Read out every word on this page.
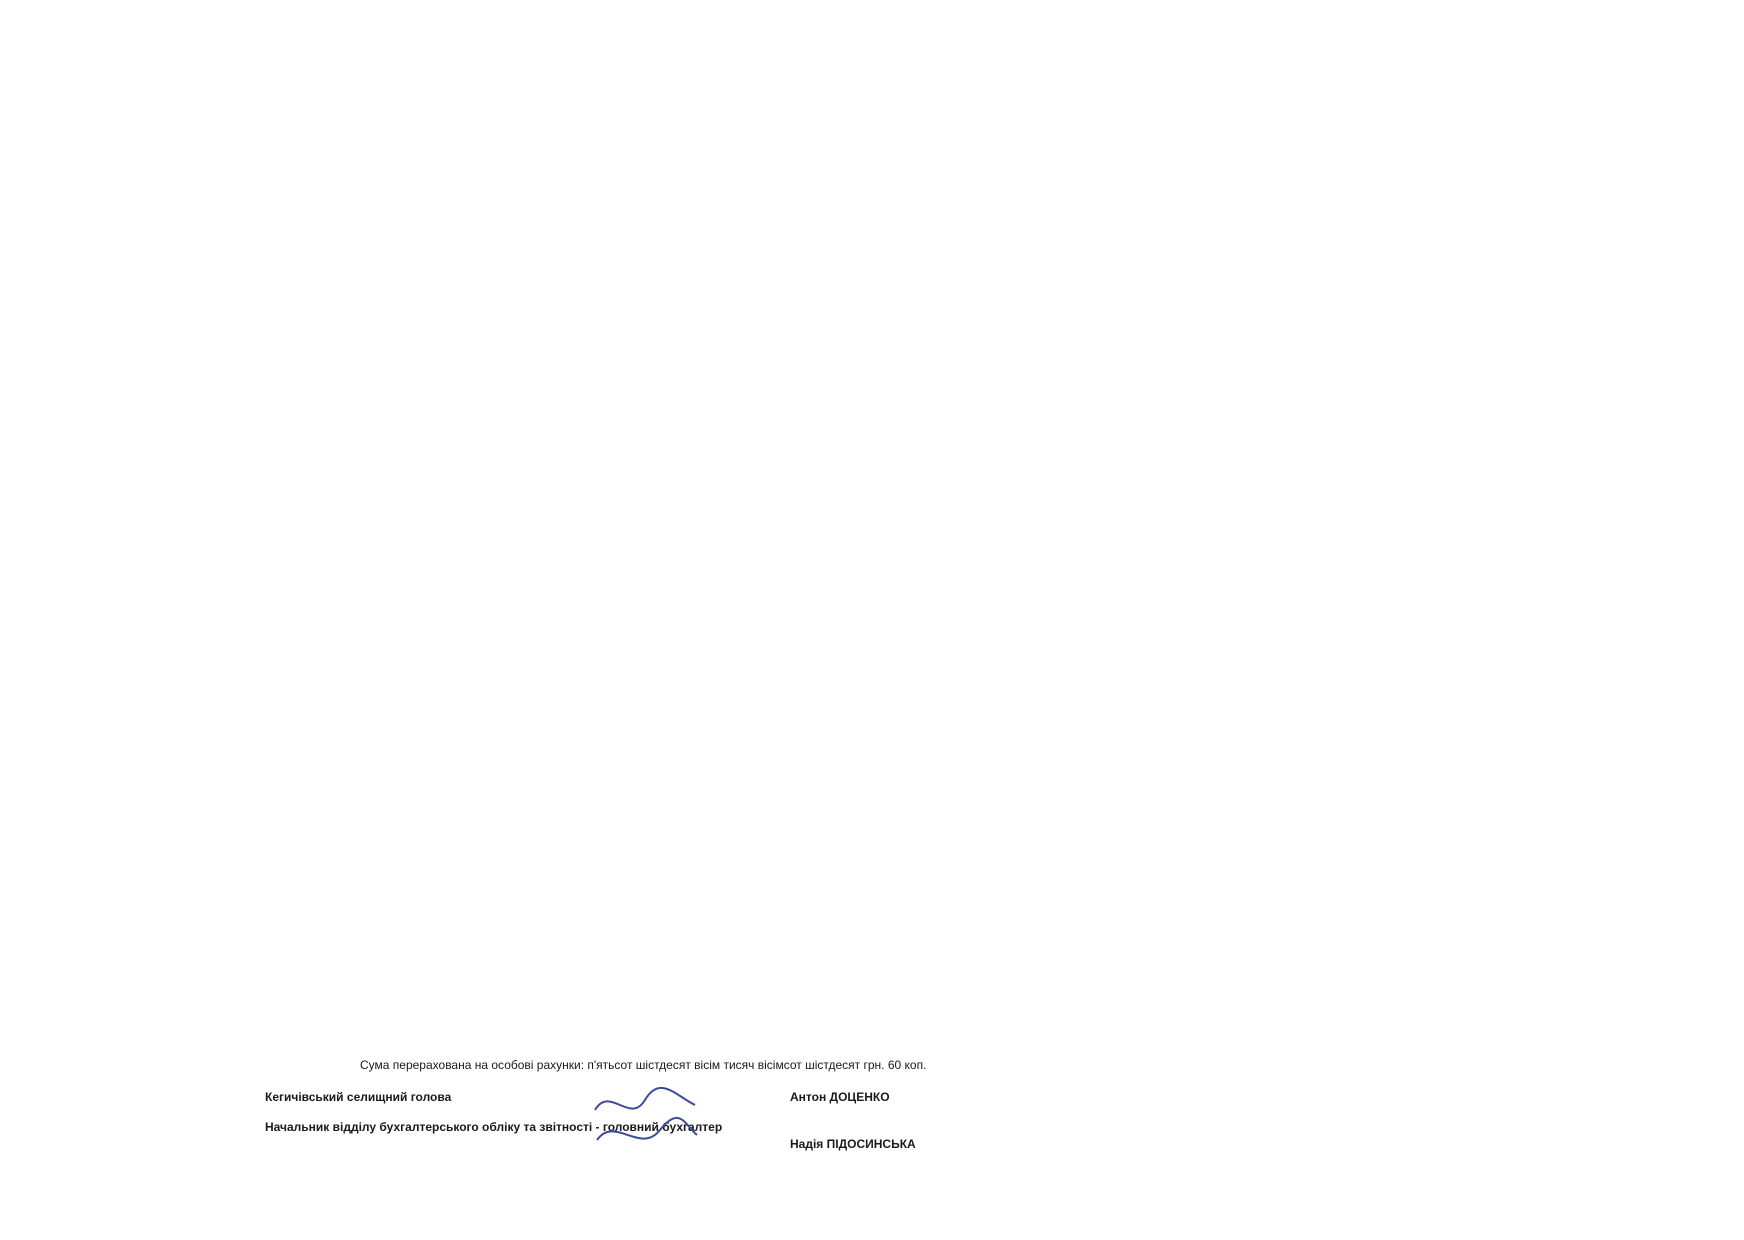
Сума перерахована на особові рахунки: п'ятьсот шістдесят вісім тисяч вісімсот шістдесят грн. 60 коп.
Кегичівський селищний голова
Начальник відділу бухгалтерського обліку та звітності - головний бухгалтер
Антон ДОЦЕНКО
Надія ПІДОСИНСЬКА
